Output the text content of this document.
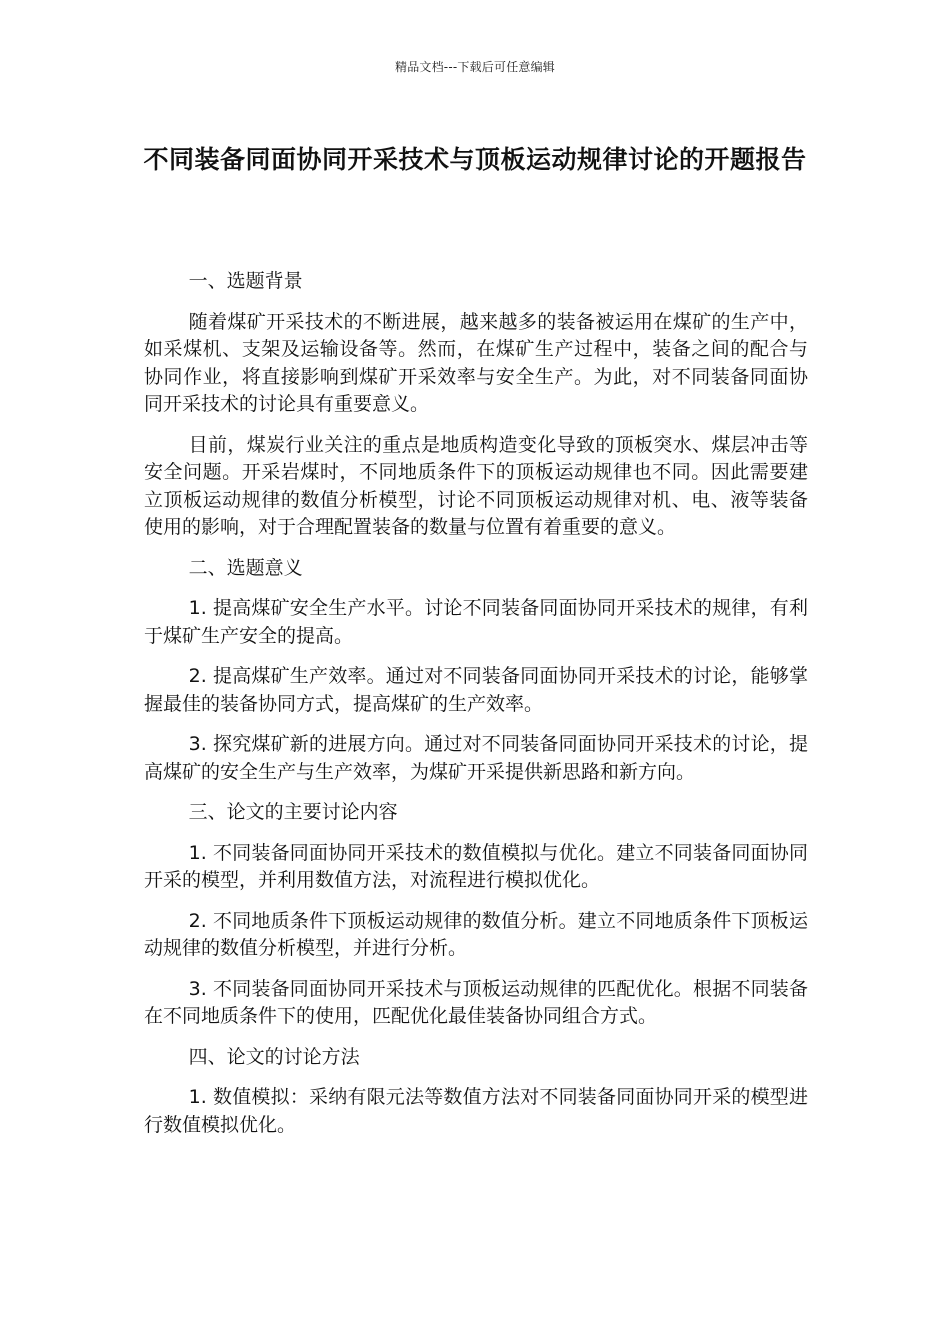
精品文档---下载后可任意编辑
不同装备同面协同开采技术与顶板运动规律讨论的开题报告

一、选题背景

随着煤矿开采技术的不断进展，越来越多的装备被运用在煤矿的生产中，如采煤机、支架及运输设备等。然而，在煤矿生产过程中，装备之间的配合与协同作业，将直接影响到煤矿开采效率与安全生产。为此，对不同装备同面协同开采技术的讨论具有重要意义。

目前，煤炭行业关注的重点是地质构造变化导致的顶板突水、煤层冲击等安全问题。开采岩煤时，不同地质条件下的顶板运动规律也不同。因此需要建立顶板运动规律的数值分析模型，讨论不同顶板运动规律对机、电、液等装备使用的影响，对于合理配置装备的数量与位置有着重要的意义。

二、选题意义

1. 提高煤矿安全生产水平。讨论不同装备同面协同开采技术的规律，有利于煤矿生产安全的提高。

2. 提高煤矿生产效率。通过对不同装备同面协同开采技术的讨论，能够掌握最佳的装备协同方式，提高煤矿的生产效率。

3. 探究煤矿新的进展方向。通过对不同装备同面协同开采技术的讨论，提高煤矿的安全生产与生产效率，为煤矿开采提供新思路和新方向。

三、论文的主要讨论内容

1. 不同装备同面协同开采技术的数值模拟与优化。建立不同装备同面协同开采的模型，并利用数值方法，对流程进行模拟优化。

2. 不同地质条件下顶板运动规律的数值分析。建立不同地质条件下顶板运动规律的数值分析模型，并进行分析。

3. 不同装备同面协同开采技术与顶板运动规律的匹配优化。根据不同装备在不同地质条件下的使用，匹配优化最佳装备协同组合方式。

四、论文的讨论方法

1. 数值模拟：采纳有限元法等数值方法对不同装备同面协同开采的模型进行数值模拟优化。
